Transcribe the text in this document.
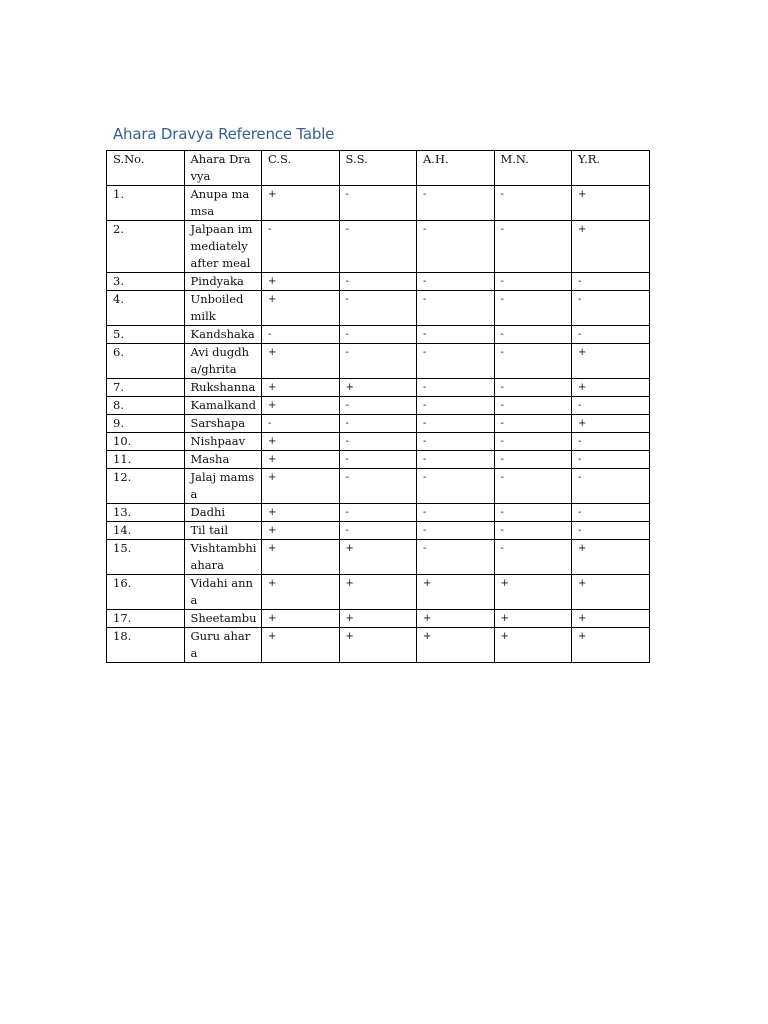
Ahara Dravya Reference Table
S.No.	Ahara Dravya	C.S.	S.S.	A.H.	M.N.	Y.R.
1.	Anupa mamsa	+	-	-	-	+
2.	Jalpaan immediately after meal	-	-	-	-	+
3.	Pindyaka	+	-	-	-	-
4.	Unboiled milk	+	-	-	-	-
5.	Kandshaka	-	-	-	-	-
6.	Avi dugdha/ghrita	+	-	-	-	+
7.	Rukshanna	+	+	-	-	+
8.	Kamalkand	+	-	-	-	-
9.	Sarshapa	-	-	-	-	+
10.	Nishpaav	+	-	-	-	-
11.	Masha	+	-	-	-	-
12.	Jalaj mamsa	+	-	-	-	-
13.	Dadhi	+	-	-	-	-
14.	Til tail	+	-	-	-	-
15.	Vishtambhi ahara	+	+	-	-	+
16.	Vidahi anna	+	+	+	+	+
17.	Sheetambu	+	+	+	+	+
18.	Guru ahara	+	+	+	+	+
